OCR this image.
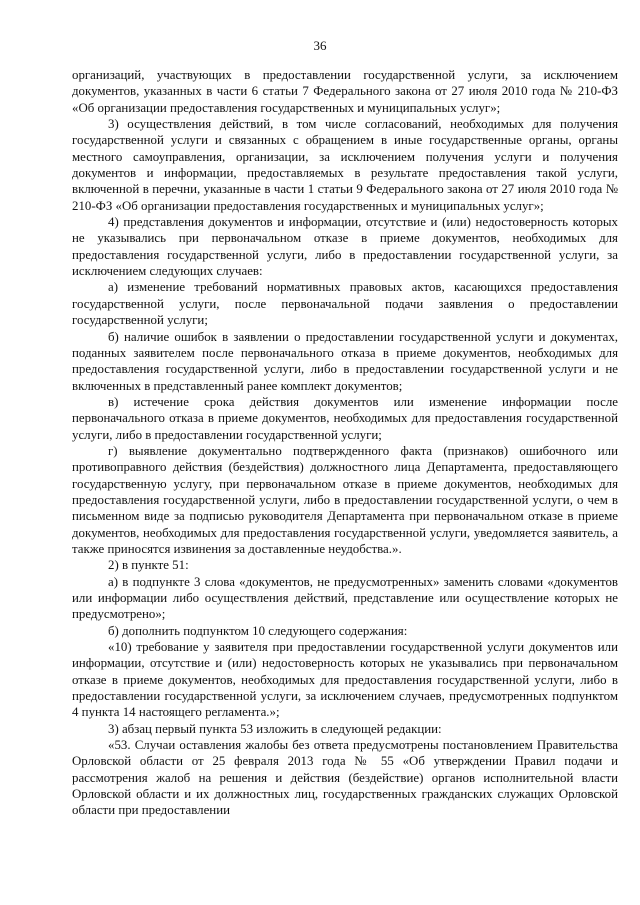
36

организаций, участвующих в предоставлении государственной услуги, за исключением документов, указанных в части 6 статьи 7 Федерального закона от 27 июля 2010 года № 210-ФЗ «Об организации предоставления государственных и муниципальных услуг»;

3) осуществления действий, в том числе согласований, необходимых для получения государственной услуги и связанных с обращением в иные государственные органы, органы местного самоуправления, организации, за исключением получения услуги и получения документов и информации, предоставляемых в результате предоставления такой услуги, включенной в перечни, указанные в части 1 статьи 9 Федерального закона от 27 июля 2010 года № 210-ФЗ «Об организации предоставления государственных и муниципальных услуг»;

4) представления документов и информации, отсутствие и (или) недостоверность которых не указывались при первоначальном отказе в приеме документов, необходимых для предоставления государственной услуги, либо в предоставлении государственной услуги, за исключением следующих случаев:

а) изменение требований нормативных правовых актов, касающихся предоставления государственной услуги, после первоначальной подачи заявления о предоставлении государственной услуги;

б) наличие ошибок в заявлении о предоставлении государственной услуги и документах, поданных заявителем после первоначального отказа в приеме документов, необходимых для предоставления государственной услуги, либо в предоставлении государственной услуги и не включенных в представленный ранее комплект документов;

в) истечение срока действия документов или изменение информации после первоначального отказа в приеме документов, необходимых для предоставления государственной услуги, либо в предоставлении государственной услуги;

г) выявление документально подтвержденного факта (признаков) ошибочного или противоправного действия (бездействия) должностного лица Департамента, предоставляющего государственную услугу, при первоначальном отказе в приеме документов, необходимых для предоставления государственной услуги, либо в предоставлении государственной услуги, о чем в письменном виде за подписью руководителя Департамента при первоначальном отказе в приеме документов, необходимых для предоставления государственной услуги, уведомляется заявитель, а также приносятся извинения за доставленные неудобства.».

2) в пункте 51:

а) в подпункте 3 слова «документов, не предусмотренных» заменить словами «документов или информации либо осуществления действий, представление или осуществление которых не предусмотрено»;

б) дополнить подпунктом 10 следующего содержания:

«10) требование у заявителя при предоставлении государственной услуги документов или информации, отсутствие и (или) недостоверность которых не указывались при первоначальном отказе в приеме документов, необходимых для предоставления государственной услуги, либо в предоставлении государственной услуги, за исключением случаев, предусмотренных подпунктом 4 пункта 14 настоящего регламента.»;

3) абзац первый пункта 53 изложить в следующей редакции:

«53. Случаи оставления жалобы без ответа предусмотрены постановлением Правительства Орловской области от 25 февраля 2013 года № 55 «Об утверждении Правил подачи и рассмотрения жалоб на решения и действия (бездействие) органов исполнительной власти Орловской области и их должностных лиц, государственных гражданских служащих Орловской области при предоставлении
